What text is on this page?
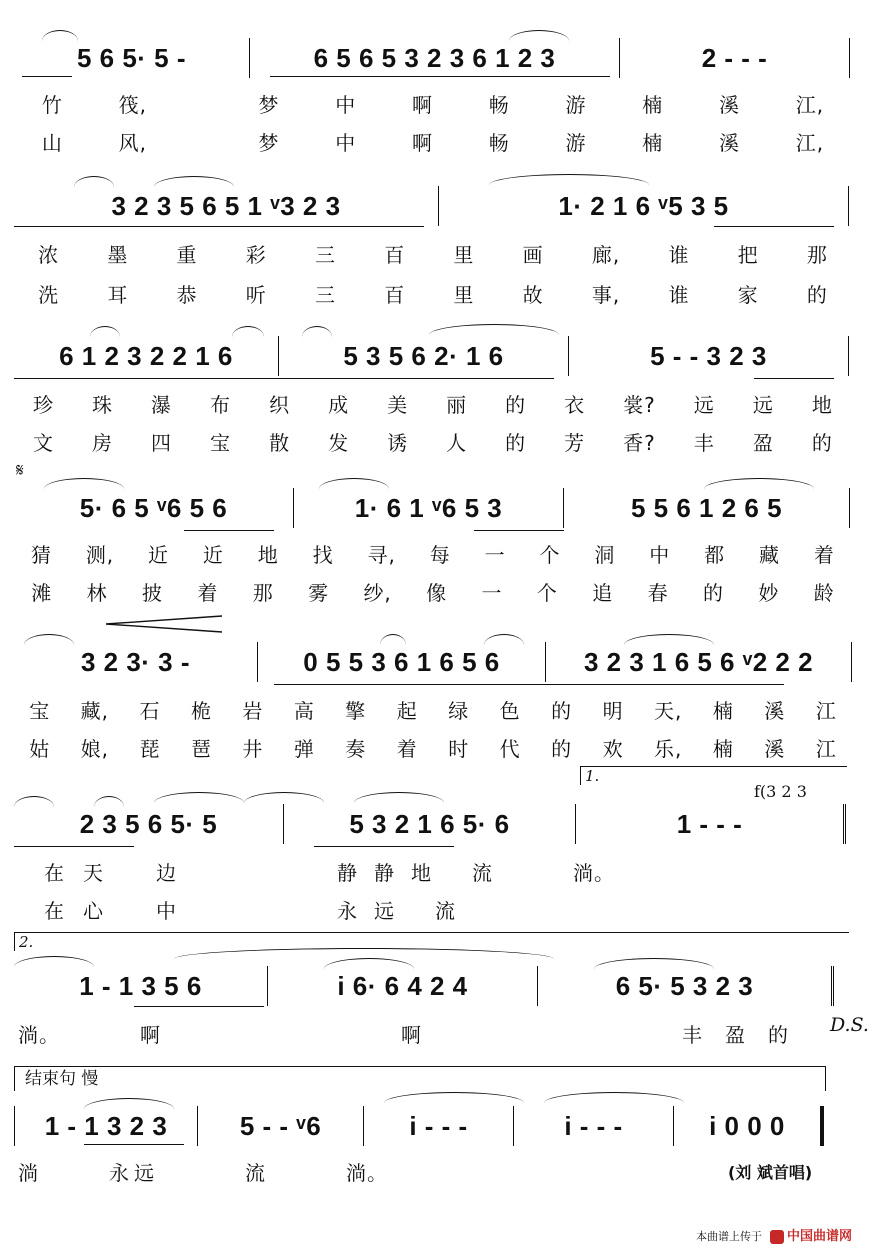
5 6 5· 5 -	6 5 6 5 3 2 3 6 1 2 3	2 - - -
竹	筏,	梦	中	啊	畅	游	楠	溪	江,
山	风,	梦	中	啊	畅	游	楠	溪	江,
3 2 3 5 6 5 1 ᵛ3 2 3	1· 2 1 6 ᵛ5 3 5
浓 墨 重 彩 三 百 里 画 廊, 谁 把 那
洗 耳 恭 听 三 百 里 故 事, 谁 家 的
6 1 2 3 2 2 1 6	5 3 5 6 2· 1 6	5 - - 3 2 3
珍 珠 瀑 布 织 成 美 丽 的 衣 裳? 远 远 地
文 房 四 宝 散 发 诱 人 的 芳 香? 丰 盈 的
𝄋
5· 6 5 ᵛ6 5 6	1· 6 1 ᵛ6 5 3	5 5 6 1 2 6 5
猜 测, 近 近 地 找 寻, 每 一 个 洞 中 都 藏 着
滩 林 披 着 那 雾 纱, 像 一 个 追 春 的 妙 龄
3 2 3· 3 -	0 5 5 3 6 1 6 5 6	3 2 3 1 6 5 6 ᵛ2 2 2
宝 藏, 石 桅 岩 高 擎 起 绿 色 的 明 天, 楠 溪 江
姑 娘, 琵 琶 井 弹 奏 着 时 代 的 欢 乐, 楠 溪 江
1.
f(3 2 3
2 3 5 6 5· 5	5 3 2 1 6 5· 6	1 - - -
在 天	边	静 静 地 流	淌。
在 心	中	永 远 流
2.
1 - 1 3 5 6	i 6· 6 4 2 4	6 5· 5 3 2 3
D.S.
淌。	啊	啊	丰 盈 的
结束句 慢
1 - 1 3 2 3	5 - - ᵛ6	i - - -	i - - -	i 0 0 0
淌	永 远	流	淌。	(刘 斌首唱)
本曲谱上传于	中国曲谱网
